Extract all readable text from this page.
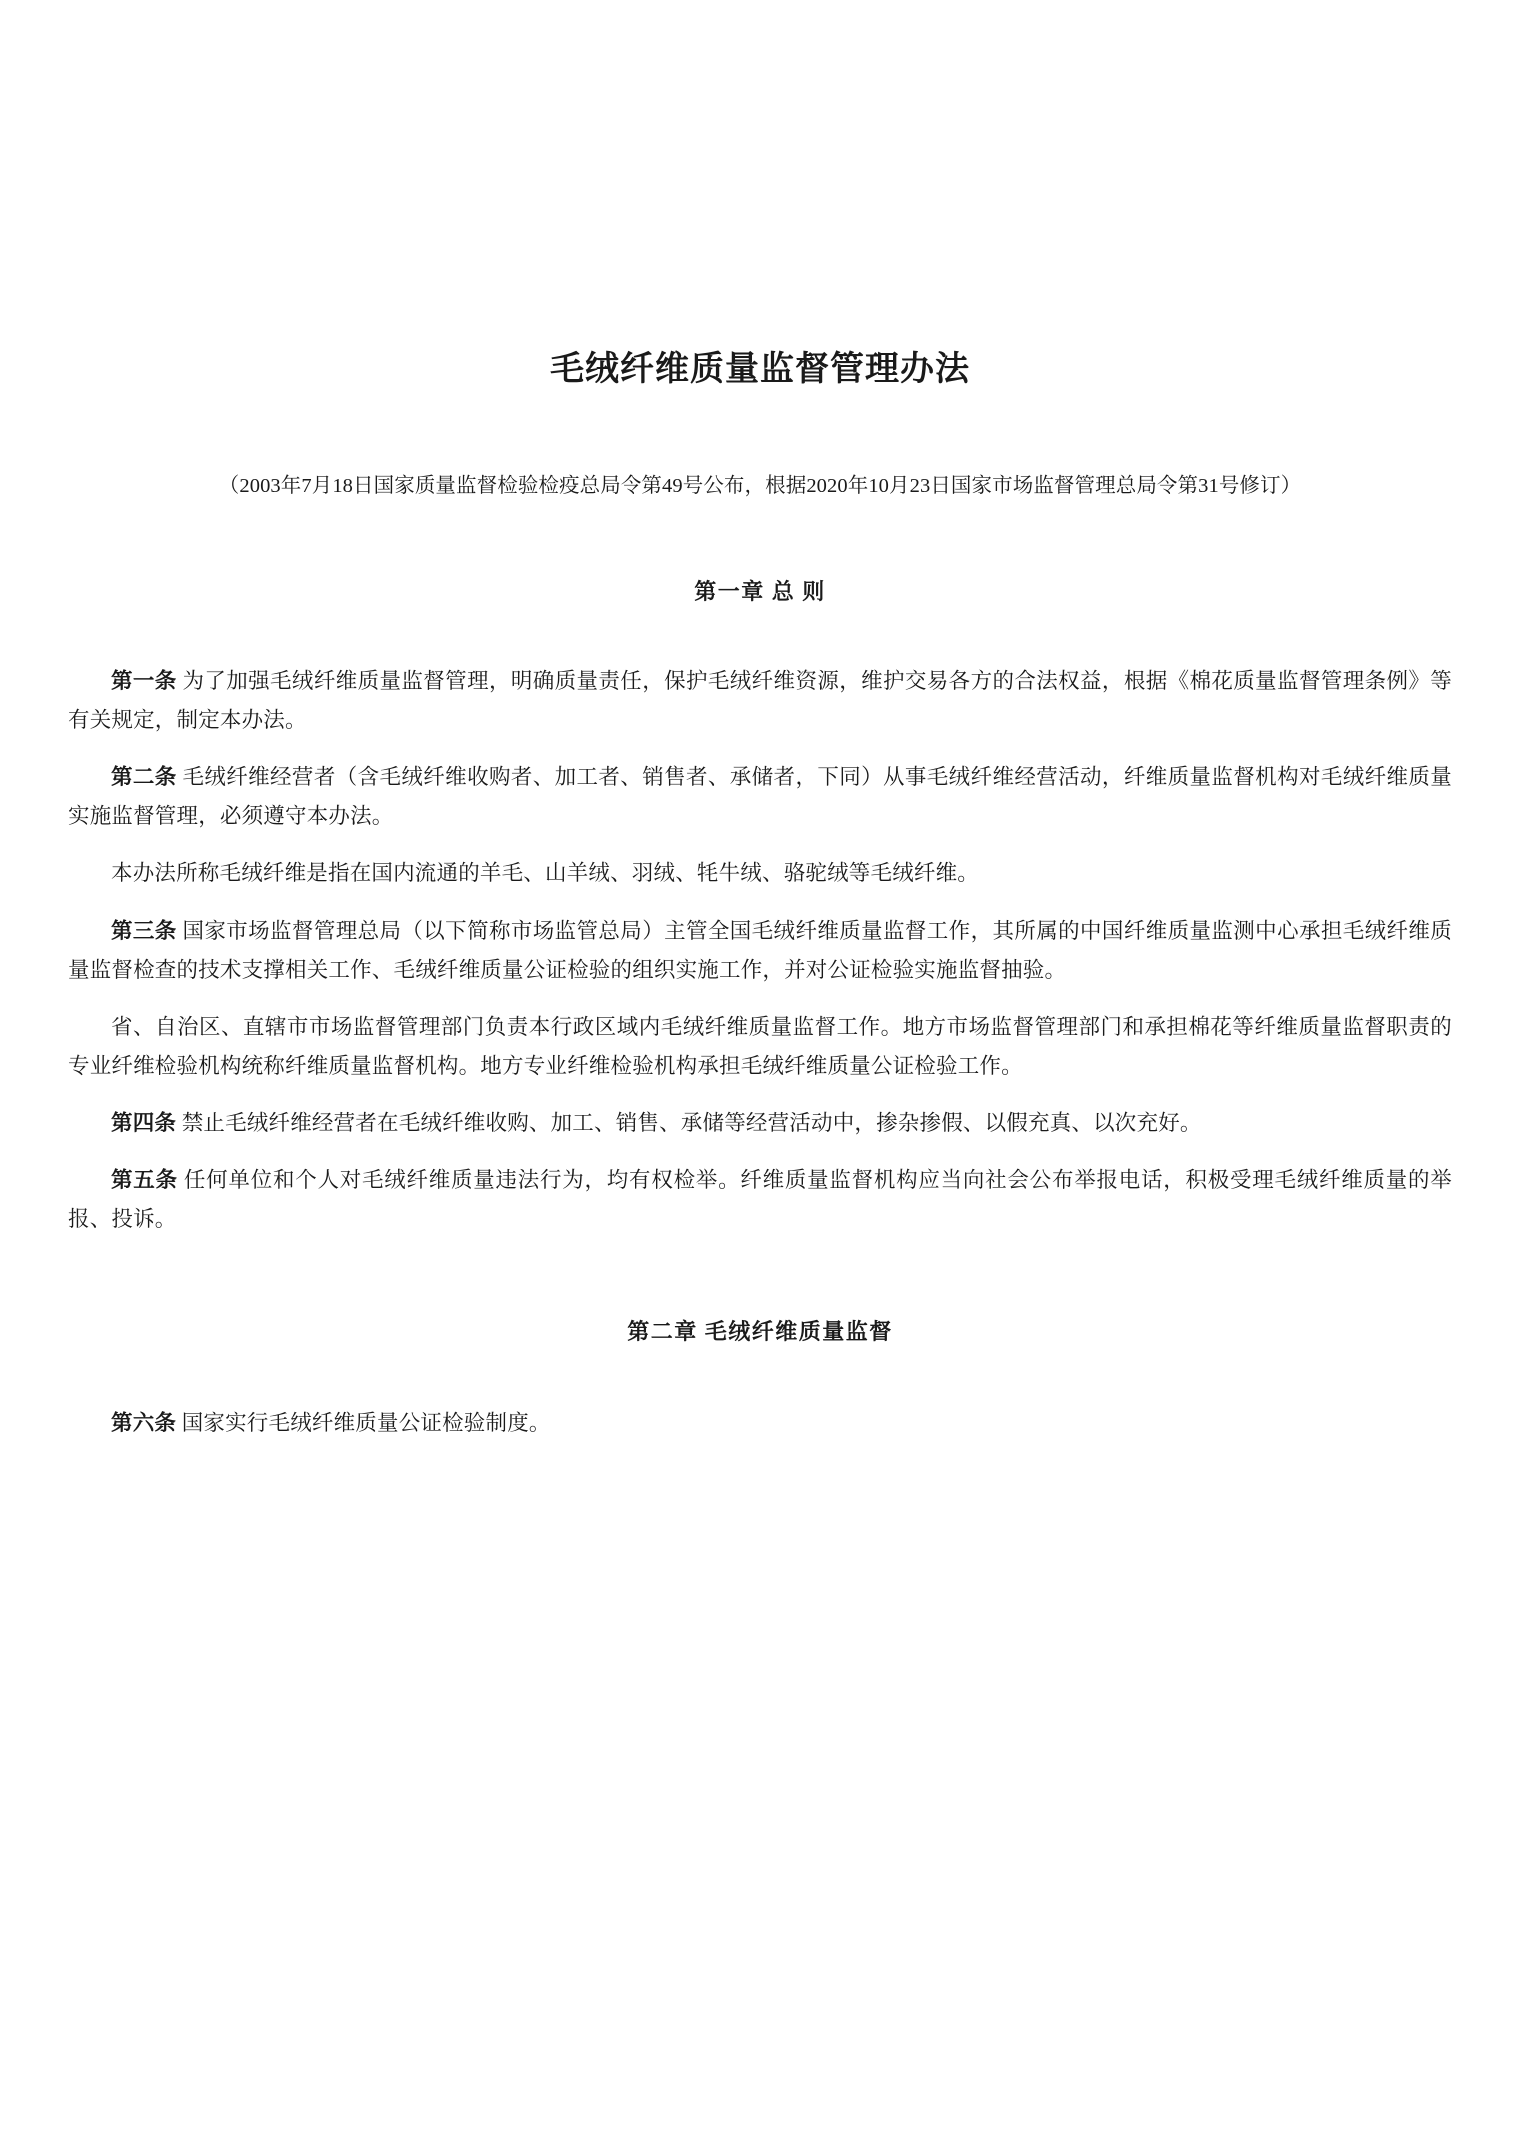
毛绒纤维质量监督管理办法
（2003年7月18日国家质量监督检验检疫总局令第49号公布，根据2020年10月23日国家市场监督管理总局令第31号修订）
第一章 总 则

第一条 为了加强毛绒纤维质量监督管理，明确质量责任，保护毛绒纤维资源，维护交易各方的合法权益，根据《棉花质量监督管理条例》等有关规定，制定本办法。

第二条 毛绒纤维经营者（含毛绒纤维收购者、加工者、销售者、承储者，下同）从事毛绒纤维经营活动，纤维质量监督机构对毛绒纤维质量实施监督管理，必须遵守本办法。

本办法所称毛绒纤维是指在国内流通的羊毛、山羊绒、羽绒、牦牛绒、骆驼绒等毛绒纤维。

第三条 国家市场监督管理总局（以下简称市场监管总局）主管全国毛绒纤维质量监督工作，其所属的中国纤维质量监测中心承担毛绒纤维质量监督检查的技术支撑相关工作、毛绒纤维质量公证检验的组织实施工作，并对公证检验实施监督抽验。

省、自治区、直辖市市场监督管理部门负责本行政区域内毛绒纤维质量监督工作。地方市场监督管理部门和承担棉花等纤维质量监督职责的专业纤维检验机构统称纤维质量监督机构。地方专业纤维检验机构承担毛绒纤维质量公证检验工作。

第四条 禁止毛绒纤维经营者在毛绒纤维收购、加工、销售、承储等经营活动中，掺杂掺假、以假充真、以次充好。

第五条 任何单位和个人对毛绒纤维质量违法行为，均有权检举。纤维质量监督机构应当向社会公布举报电话，积极受理毛绒纤维质量的举报、投诉。

第二章 毛绒纤维质量监督

第六条 国家实行毛绒纤维质量公证检验制度。
